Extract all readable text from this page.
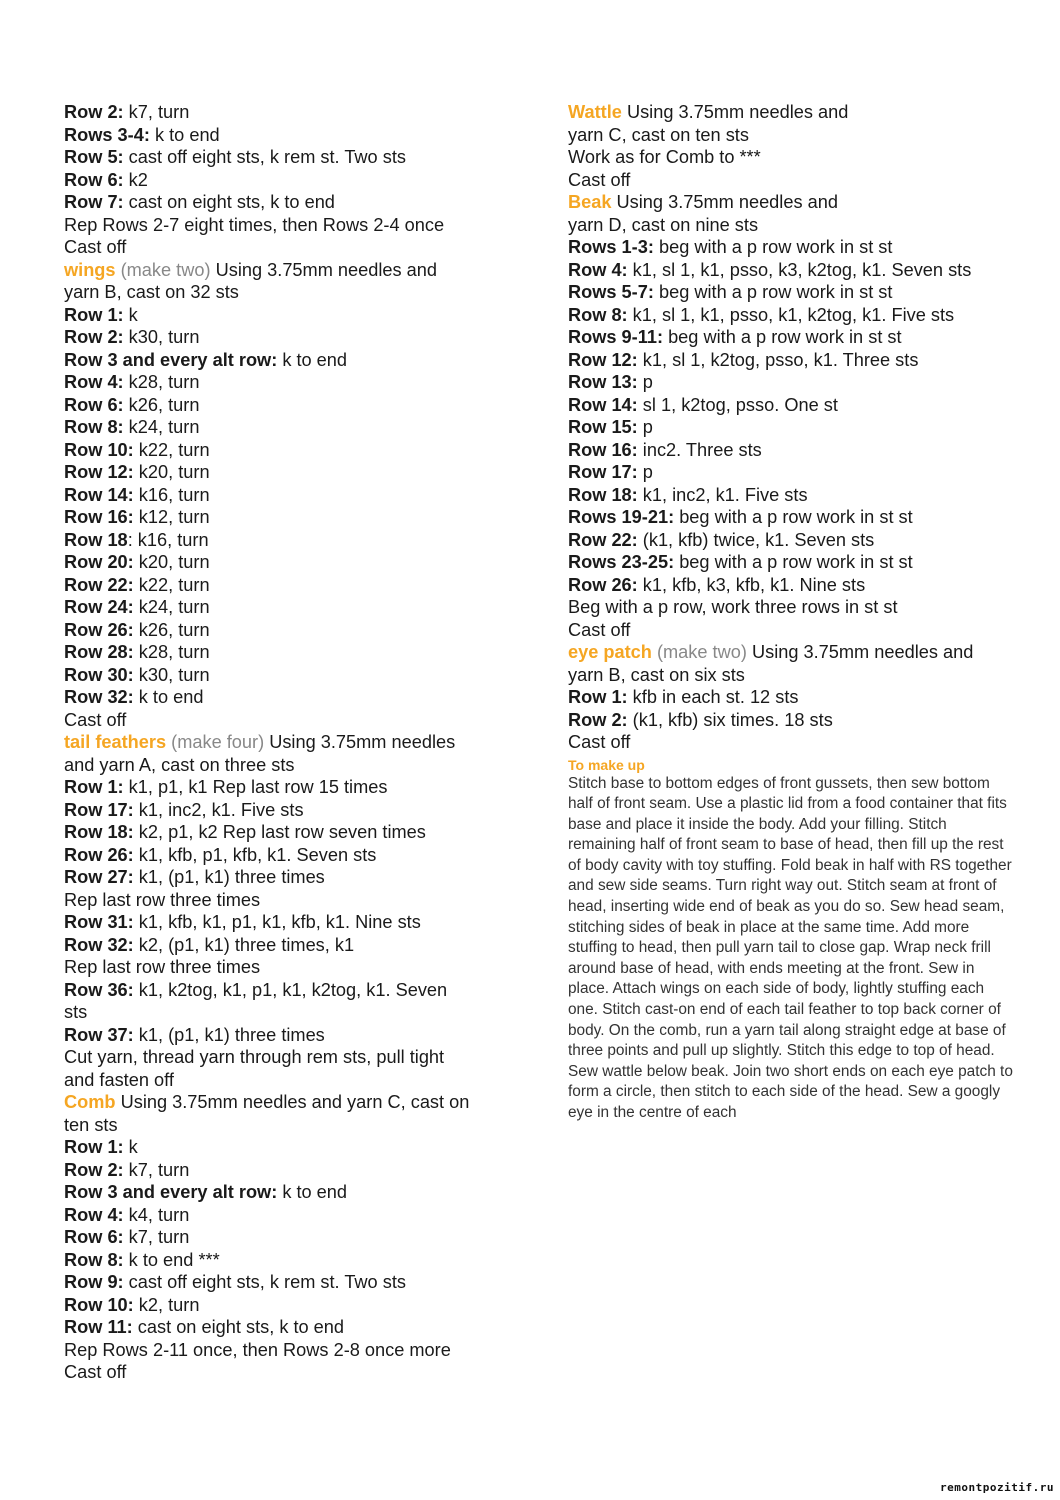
Row 2: k7, turn
Rows 3-4: k to end
Row 5: cast off eight sts, k rem st. Two sts
Row 6: k2
Row 7: cast on eight sts, k to end
Rep Rows 2-7 eight times, then Rows 2-4 once
Cast off
wings (make two) Using 3.75mm needles and
yarn B, cast on 32 sts
Row 1: k
Row 2: k30, turn
Row 3 and every alt row: k to end
Row 4: k28, turn
Row 6: k26, turn
Row 8: k24, turn
Row 10: k22, turn
Row 12: k20, turn
Row 14: k16, turn
Row 16: k12, turn
Row 18: k16, turn
Row 20: k20, turn
Row 22: k22, turn
Row 24: k24, turn
Row 26: k26, turn
Row 28: k28, turn
Row 30: k30, turn
Row 32: k to end
Cast off
tail feathers (make four) Using 3.75mm needles
and yarn A, cast on three sts
Row 1: k1, p1, k1 Rep last row 15 times
Row 17: k1, inc2, k1. Five sts
Row 18: k2, p1, k2 Rep last row seven times
Row 26: k1, kfb, p1, kfb, k1. Seven sts
Row 27: k1, (p1, k1) three times
Rep last row three times
Row 31: k1, kfb, k1, p1, k1, kfb, k1. Nine sts
Row 32: k2, (p1, k1) three times, k1
Rep last row three times
Row 36: k1, k2tog, k1, p1, k1, k2tog, k1. Seven
sts
Row 37: k1, (p1, k1) three times
Cut yarn, thread yarn through rem sts, pull tight
and fasten off
Comb Using 3.75mm needles and yarn C, cast on
ten sts
Row 1: k
Row 2: k7, turn
Row 3 and every alt row: k to end
Row 4: k4, turn
Row 6: k7, turn
Row 8: k to end ***
Row 9: cast off eight sts, k rem st. Two sts
Row 10: k2, turn
Row 11: cast on eight sts, k to end
Rep Rows 2-11 once, then Rows 2-8 once more
Cast off
Wattle Using 3.75mm needles and
yarn C, cast on ten sts
Work as for Comb to ***
Cast off
Beak Using 3.75mm needles and
yarn D, cast on nine sts
Rows 1-3: beg with a p row work in st st
Row 4: k1, sl 1, k1, psso, k3, k2tog, k1. Seven sts
Rows 5-7: beg with a p row work in st st
Row 8: k1, sl 1, k1, psso, k1, k2tog, k1. Five sts
Rows 9-11: beg with a p row work in st st
Row 12: k1, sl 1, k2tog, psso, k1. Three sts
Row 13: p
Row 14: sl 1, k2tog, psso. One st
Row 15: p
Row 16: inc2. Three sts
Row 17: p
Row 18: k1, inc2, k1. Five sts
Rows 19-21: beg with a p row work in st st
Row 22: (k1, kfb) twice, k1. Seven sts
Rows 23-25: beg with a p row work in st st
Row 26: k1, kfb, k3, kfb, k1. Nine sts
Beg with a p row, work three rows in st st
Cast off
eye patch (make two) Using 3.75mm needles and
yarn B, cast on six sts
Row 1: kfb in each st. 12 sts
Row 2: (k1, kfb) six times. 18 sts
Cast off
To make up
Stitch base to bottom edges of front gussets, then sew bottom half of front seam. Use a plastic lid from a food container that fits base and place it inside the body. Add your filling. Stitch remaining half of front seam to base of head, then fill up the rest of body cavity with toy stuffing. Fold beak in half with RS together and sew side seams. Turn right way out. Stitch seam at front of head, inserting wide end of beak as you do so. Sew head seam, stitching sides of beak in place at the same time. Add more stuffing to head, then pull yarn tail to close gap. Wrap neck frill around base of head, with ends meeting at the front. Sew in place. Attach wings on each side of body, lightly stuffing each one. Stitch cast-on end of each tail feather to top back corner of body. On the comb, run a yarn tail along straight edge at base of three points and pull up slightly. Stitch this edge to top of head. Sew wattle below beak. Join two short ends on each eye patch to form a circle, then stitch to each side of the head. Sew a googly eye in the centre of each
remontpozitif.ru
